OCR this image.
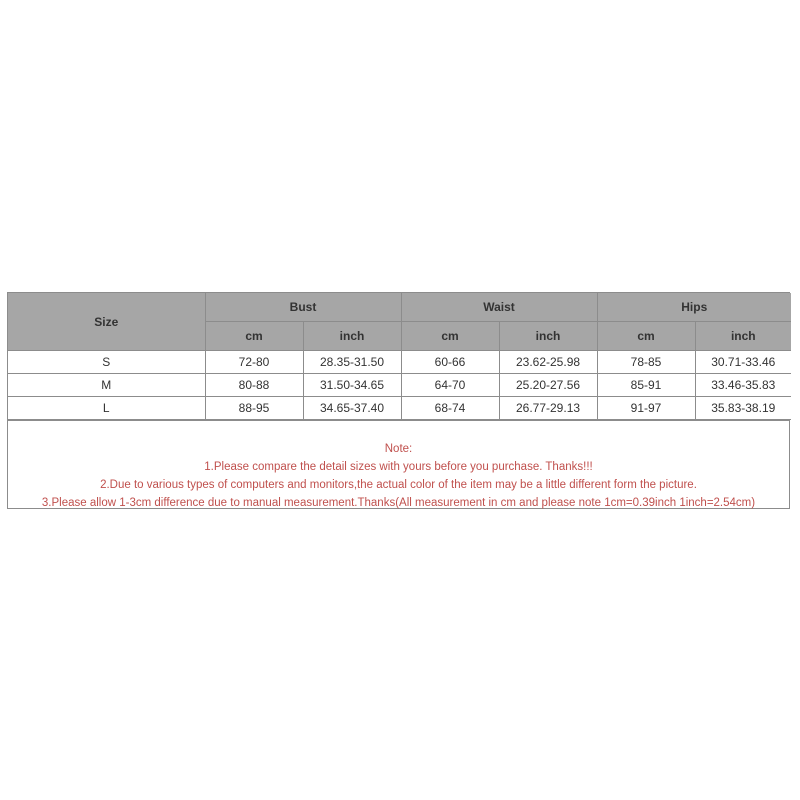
Size	Bust		Waist		Hips	
	cm	inch	cm	inch	cm	inch
S	72-80	28.35-31.50	60-66	23.62-25.98	78-85	30.71-33.46
M	80-88	31.50-34.65	64-70	25.20-27.56	85-91	33.46-35.83
L	88-95	34.65-37.40	68-74	26.77-29.13	91-97	35.83-38.19
Note:
1.Please compare the detail sizes with yours before you purchase. Thanks!!!
2.Due to various types of computers and monitors,the actual color of the item may be a little different form the picture.
3.Please allow 1-3cm difference due to manual measurement.Thanks(All measurement in cm and please note 1cm=0.39inch 1inch=2.54cm)
